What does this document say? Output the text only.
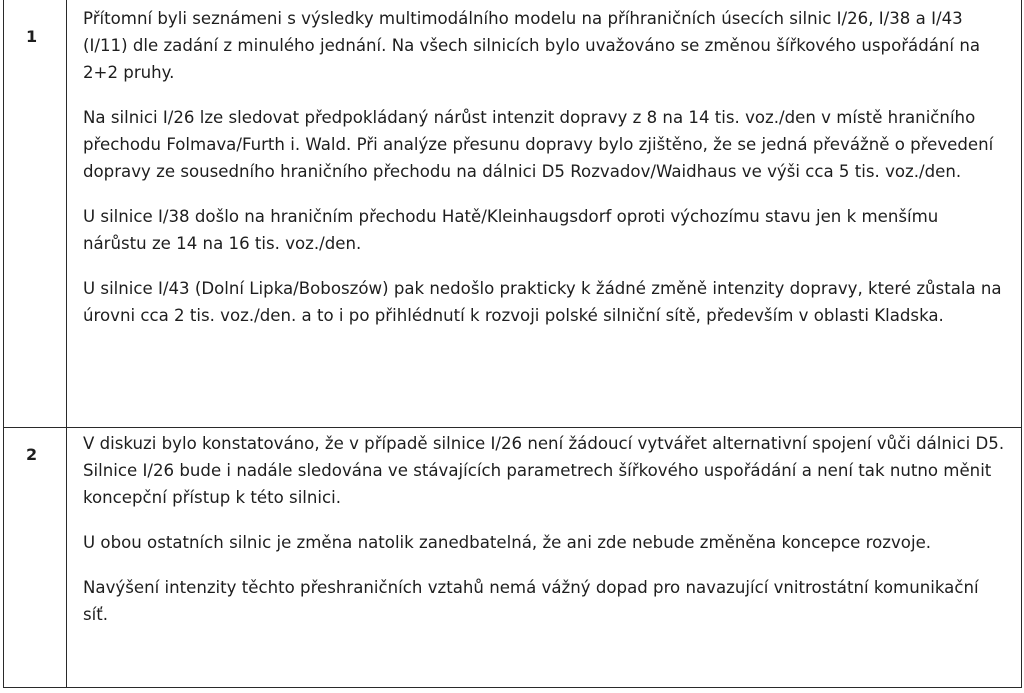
1	Přítomní byli seznámeni s výsledky multimodálního modelu na příhraničních úsecích silnic I/26, I/38 a I/43 (I/11) dle zadání z minulého jednání. Na všech silnicích bylo uvažováno se změnou šířkového uspořádání na 2+2 pruhy.

Na silnici I/26 lze sledovat předpokládaný nárůst intenzit dopravy z 8 na 14 tis. voz./den v místě hraničního přechodu Folmava/Furth i. Wald. Při analýze přesunu dopravy bylo zjištěno, že se jedná převážně o převedení dopravy ze sousedního hraničního přechodu na dálnici D5 Rozvadov/Waidhaus ve výši cca 5 tis. voz./den.

U silnice I/38 došlo na hraničním přechodu Hatě/Kleinhaugsdorf oproti výchozímu stavu jen k menšímu nárůstu ze 14 na 16 tis. voz./den.

U silnice I/43 (Dolní Lipka/Boboszów) pak nedošlo prakticky k žádné změně intenzity dopravy, které zůstala na úrovni cca 2 tis. voz./den. a to i po přihlédnutí k rozvoji polské silniční sítě, především v oblasti Kladska.

2	V diskuzi bylo konstatováno, že v případě silnice I/26 není žádoucí vytvářet alternativní spojení vůči dálnici D5. Silnice I/26 bude i nadále sledována ve stávajících parametrech šířkového uspořádání a není tak nutno měnit koncepční přístup k této silnici.

U obou ostatních silnic je změna natolik zanedbatelná, že ani zde nebude změněna koncepce rozvoje.

Navýšení intenzity těchto přeshraničních vztahů nemá vážný dopad pro navazující vnitrostátní komunikační síť.
